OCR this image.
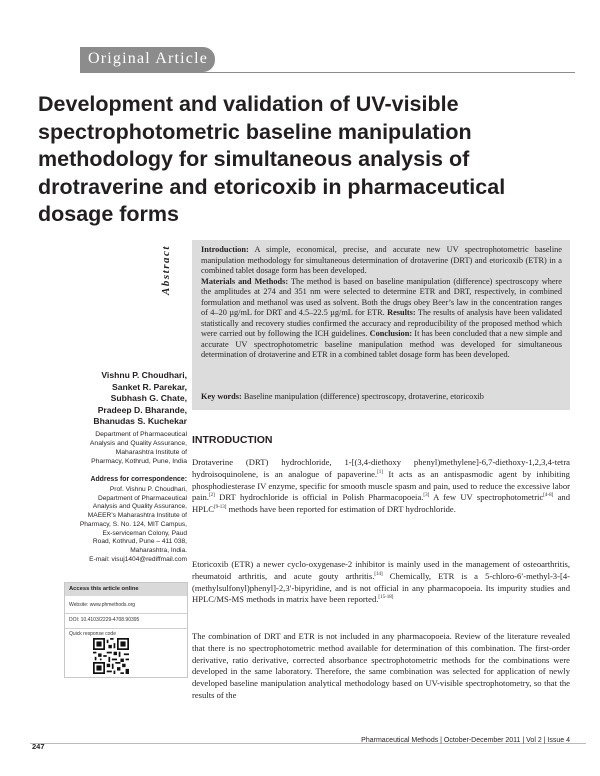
Original Article
Development and validation of UV-visible spectrophotometric baseline manipulation methodology for simultaneous analysis of drotraverine and etoricoxib in pharmaceutical dosage forms
Abstract	Introduction: A simple, economical, precise, and accurate new UV spectrophotometric baseline manipulation methodology for simultaneous determination of drotaverine (DRT) and etoricoxib (ETR) in a combined tablet dosage form has been developed.
Materials and Methods: The method is based on baseline manipulation (difference) spectroscopy where the amplitudes at 274 and 351 nm were selected to determine ETR and DRT, respectively, in combined formulation and methanol was used as solvent. Both the drugs obey Beer’s law in the concentration ranges of 4–20 µg/mL for DRT and 4.5–22.5 µg/mL for ETR. Results: The results of analysis have been validated statistically and recovery studies confirmed the accuracy and reproducibility of the proposed method which were carried out by following the ICH guidelines. Conclusion: It has been concluded that a new simple and accurate UV spectrophotometric baseline manipulation method was developed for simultaneous determination of drotaverine and ETR in a combined tablet dosage form has been developed.

Key words: Baseline manipulation (difference) spectroscopy, drotaverine, etoricoxib

Vishnu P. Choudhari,
Sanket R. Parekar,
Subhash G. Chate,
Pradeep D. Bharande,
Bhanudas S. Kuchekar
Department of Pharmaceutical
Analysis and Quality Assurance,
Maharashtra Institute of
Pharmacy, Kothrud, Pune, India
Address for correspondence:
Prof. Vishnu P. Choudhari,
Department of Pharmaceutical
Analysis and Quality Assurance,
MAEER’s Maharashtra Institute of
Pharmacy, S. No. 124, MIT Campus,
Ex-serviceman Colony, Paud
Road, Kothrud, Pune – 411 038,
Maharashtra, India.
E-mail: visuj1404@rediffmail.com
Access this article online
Website: www.phmethods.org
DOI: 10.4103/2229-4708.90395
Quick response code
INTRODUCTION

Drotaverine (DRT) hydrochloride, 1-[(3,4-diethoxy phenyl)methylene]-6,7-diethoxy-1,2,3,4-tetra hydroisoquinolene, is an analogue of papaverine.[1] It acts as an antispasmodic agent by inhibiting phosphodiesterase IV enzyme, specific for smooth muscle spasm and pain, used to reduce the excessive labor pain.[2] DRT hydrochloride is official in Polish Pharmacopoeia.[3] A few UV spectrophotometric[4-8] and HPLC[9-13] methods have been reported for estimation of DRT hydrochloride.

Etoricoxib (ETR) a newer cyclo-oxygenase-2 inhibitor is mainly used in the management of osteoarthritis, rheumatoid arthritis, and acute gouty arthritis.[14] Chemically, ETR is a 5-chloro-6′-methyl-3-[4-(methylsulfonyl)phenyl]-2,3′-bipyridine, and is not official in any pharmacopoeia. Its impurity studies and HPLC/MS-MS methods in matrix have been reported.[15-18]

The combination of DRT and ETR is not included in any pharmacopoeia. Review of the literature revealed that there is no spectrophotometric method available for determination of this combination. The first-order derivative, ratio derivative, corrected absorbance spectrophotometric methods for the combinations were developed in the same laboratory. Therefore, the same combination was selected for application of newly developed baseline manipulation analytical methodology based on UV-visible spectrophotometry, so that the results of the

247
Pharmaceutical Methods | October-December 2011 | Vol 2 | Issue 4
